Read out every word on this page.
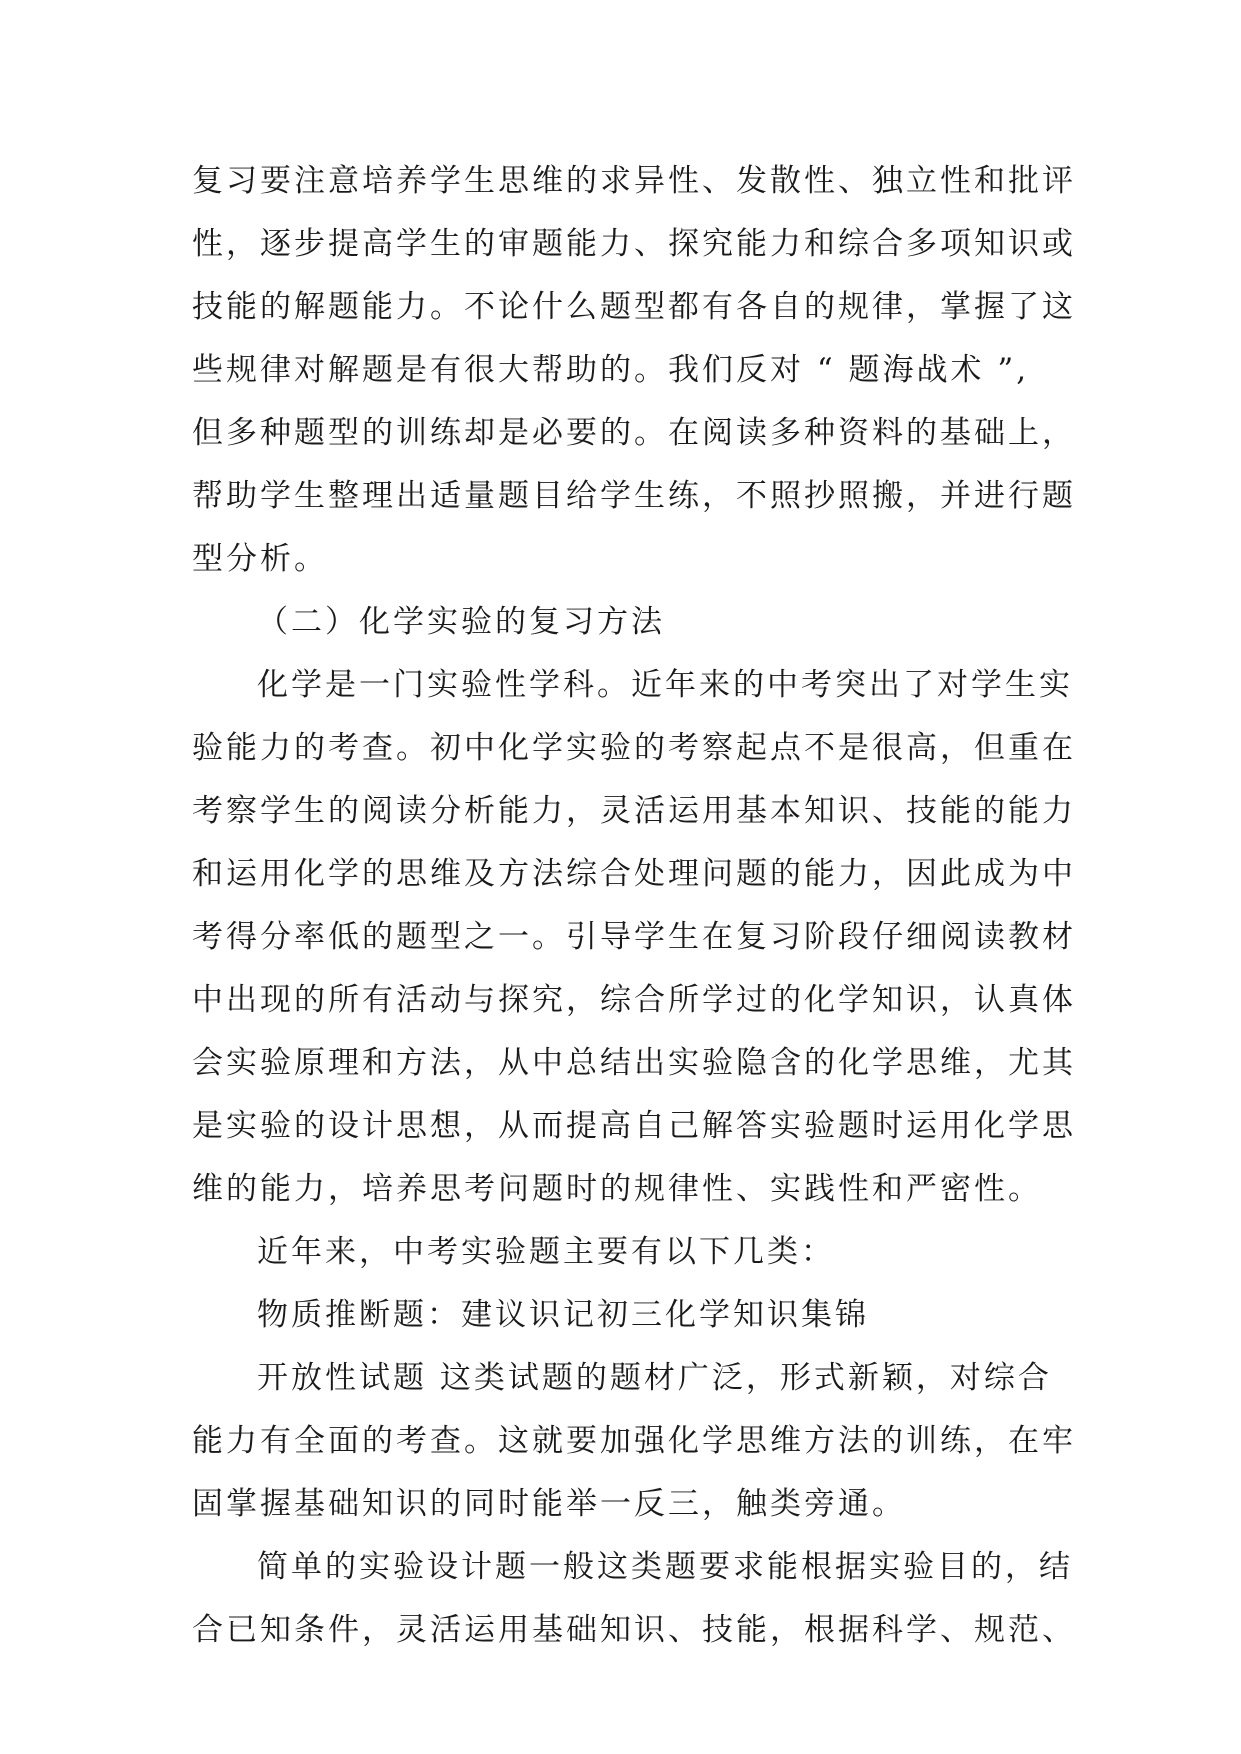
复习要注意培养学生思维的求异性、发散性、独立性和批评
性，逐步提高学生的审题能力、探究能力和综合多项知识或
技能的解题能力。不论什么题型都有各自的规律，掌握了这
些规律对解题是有很大帮助的。我们反对 “ 题海战术 ”,
但多种题型的训练却是必要的。在阅读多种资料的基础上，
帮助学生整理出适量题目给学生练，不照抄照搬，并进行题
型分析。
（二）化学实验的复习方法
化学是一门实验性学科。近年来的中考突出了对学生实
验能力的考查。初中化学实验的考察起点不是很高，但重在
考察学生的阅读分析能力，灵活运用基本知识、技能的能力
和运用化学的思维及方法综合处理问题的能力，因此成为中
考得分率低的题型之一。引导学生在复习阶段仔细阅读教材
中出现的所有活动与探究，综合所学过的化学知识，认真体
会实验原理和方法，从中总结出实验隐含的化学思维，尤其
是实验的设计思想，从而提高自己解答实验题时运用化学思
维的能力，培养思考问题时的规律性、实践性和严密性。
近年来，中考实验题主要有以下几类：
物质推断题：建议识记初三化学知识集锦
开放性试题 这类试题的题材广泛，形式新颖，对综合
能力有全面的考查。这就要加强化学思维方法的训练，在牢
固掌握基础知识的同时能举一反三，触类旁通。
简单的实验设计题一般这类题要求能根据实验目的，结
合已知条件，灵活运用基础知识、技能，根据科学、规范、
